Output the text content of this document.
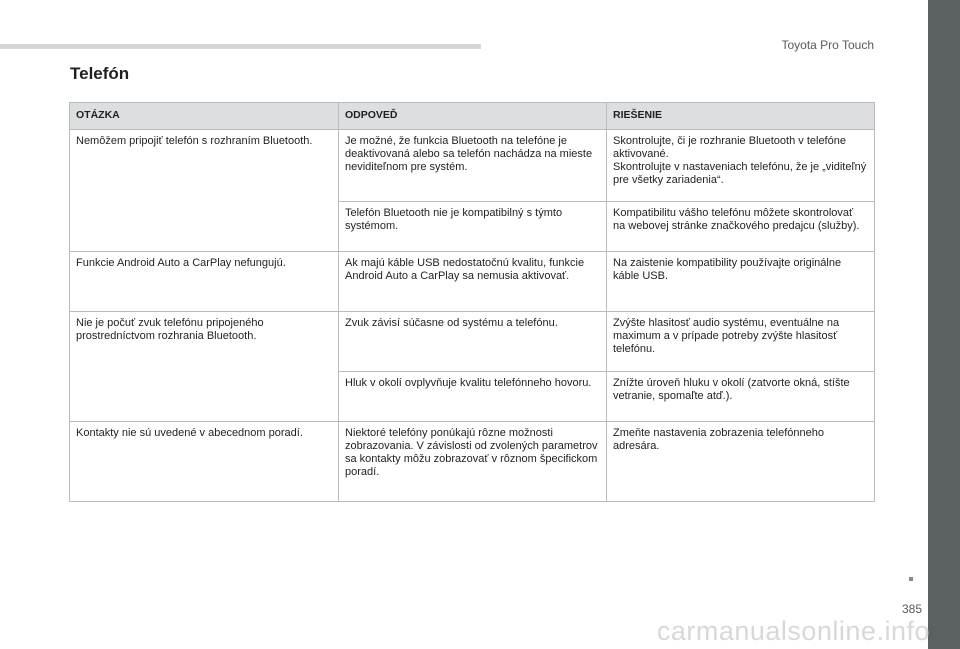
Toyota Pro Touch
Telefón
OTÁZKA	ODPOVEĎ	RIEŠENIE
Nemôžem pripojiť telefón s rozhraním Bluetooth.	Je možné, že funkcia Bluetooth na telefóne je deaktivovaná alebo sa telefón nachádza na mieste neviditeľnom pre systém.	Skontrolujte, či je rozhranie Bluetooth v telefóne aktivované.
Skontrolujte v nastaveniach telefónu, že je „viditeľný pre všetky zariadenia“.
	Telefón Bluetooth nie je kompatibilný s týmto systémom.	Kompatibilitu vášho telefónu môžete skontrolovať na webovej stránke značkového predajcu (služby).
Funkcie Android Auto a CarPlay nefungujú.	Ak majú káble USB nedostatočnú kvalitu, funkcie Android Auto a CarPlay sa nemusia aktivovať.	Na zaistenie kompatibility používajte originálne káble USB.
Nie je počuť zvuk telefónu pripojeného prostredníctvom rozhrania Bluetooth.	Zvuk závisí súčasne od systému a telefónu.	Zvýšte hlasitosť audio systému, eventuálne na maximum a v prípade potreby zvýšte hlasitosť telefónu.
	Hluk v okolí ovplyvňuje kvalitu telefónneho hovoru.	Znížte úroveň hluku v okolí (zatvorte okná, stíšte vetranie, spomaľte atď.).
Kontakty nie sú uvedené v abecednom poradí.	Niektoré telefóny ponúkajú rôzne možnosti zobrazovania. V závislosti od zvolených parametrov sa kontakty môžu zobrazovať v rôznom špecifickom poradí.	Zmeňte nastavenia zobrazenia telefónneho adresára.
385
carmanualsonline.info
